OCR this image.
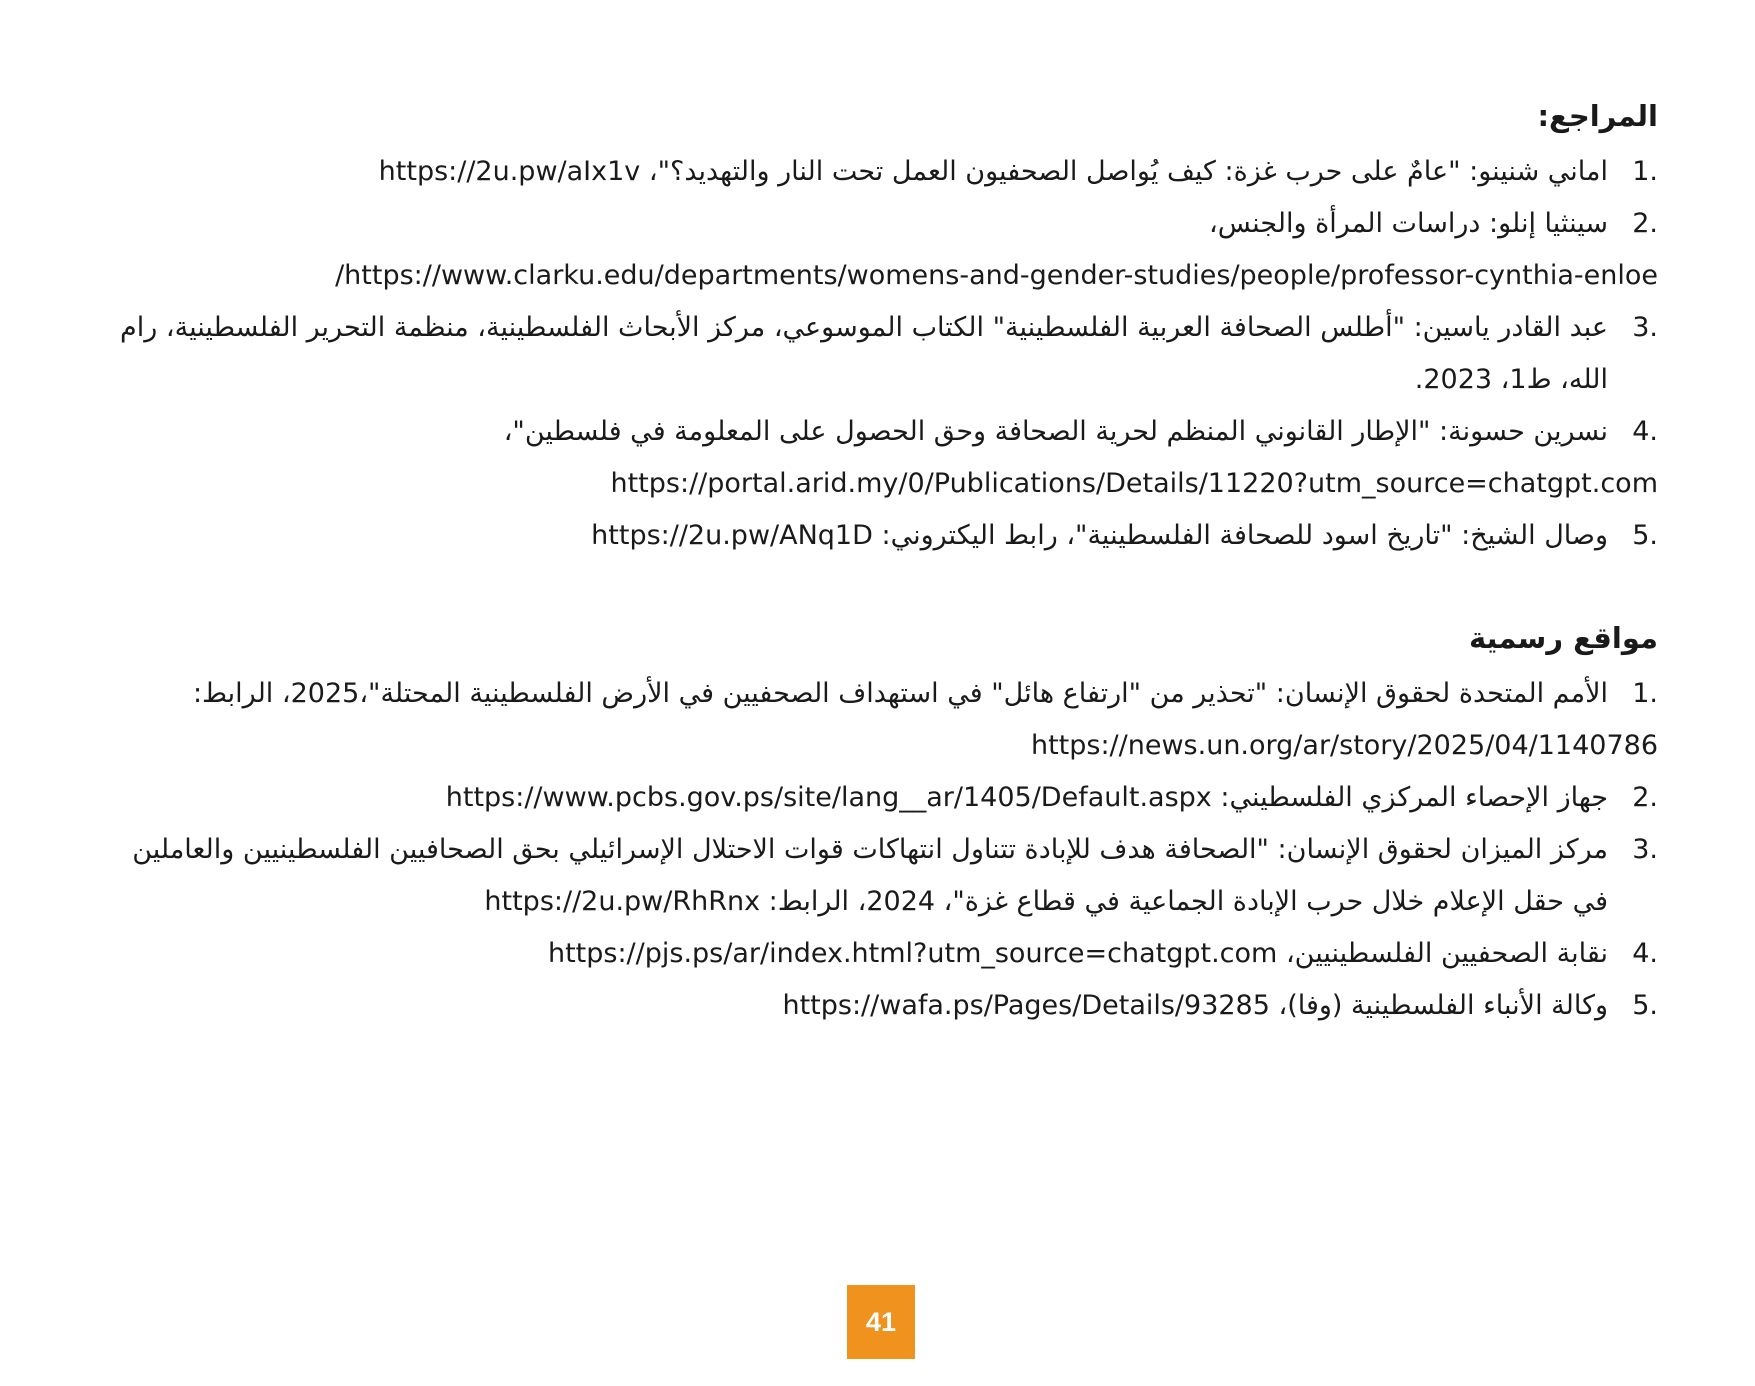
المراجع:
1.
اماني شنينو: "عامٌ على حرب غزة: كيف يُواصل الصحفيون العمل تحت النار والتهديد؟"، https://2u.pw/aIx1v
2.
سينثيا إنلو: دراسات المرأة والجنس،
/https://www.clarku.edu/departments/womens-and-gender-studies/people/professor-cynthia-enloe
3.
عبد القادر ياسين: "أطلس الصحافة العربية الفلسطينية" الكتاب الموسوعي، مركز الأبحاث الفلسطينية، منظمة التحرير الفلسطينية، رام الله، ط1، 2023.
4.
نسرين حسونة: "الإطار القانوني المنظم لحرية الصحافة وحق الحصول على المعلومة في فلسطين"،
https://portal.arid.my/0/Publications/Details/11220?utm_source=chatgpt.com
5.
وصال الشيخ: "تاريخ اسود للصحافة الفلسطينية"، رابط اليكتروني: https://2u.pw/ANq1D
مواقع رسمية
1.
الأمم المتحدة لحقوق الإنسان: "تحذير من "ارتفاع هائل" في استهداف الصحفيين في الأرض الفلسطينية المحتلة"،2025، الرابط:
https://news.un.org/ar/story/2025/04/1140786
2.
جهاز الإحصاء المركزي الفلسطيني: https://www.pcbs.gov.ps/site/lang__ar/1405/Default.aspx
3.
مركز الميزان لحقوق الإنسان: "الصحافة هدف للإبادة تتناول انتهاكات قوات الاحتلال الإسرائيلي بحق الصحافيين الفلسطينيين والعاملين في حقل الإعلام خلال حرب الإبادة الجماعية في قطاع غزة"، 2024، الرابط: https://2u.pw/RhRnx
4.
نقابة الصحفيين الفلسطينيين، https://pjs.ps/ar/index.html?utm_source=chatgpt.com
5.
وكالة الأنباء الفلسطينية (وفا)، https://wafa.ps/Pages/Details/93285
41
